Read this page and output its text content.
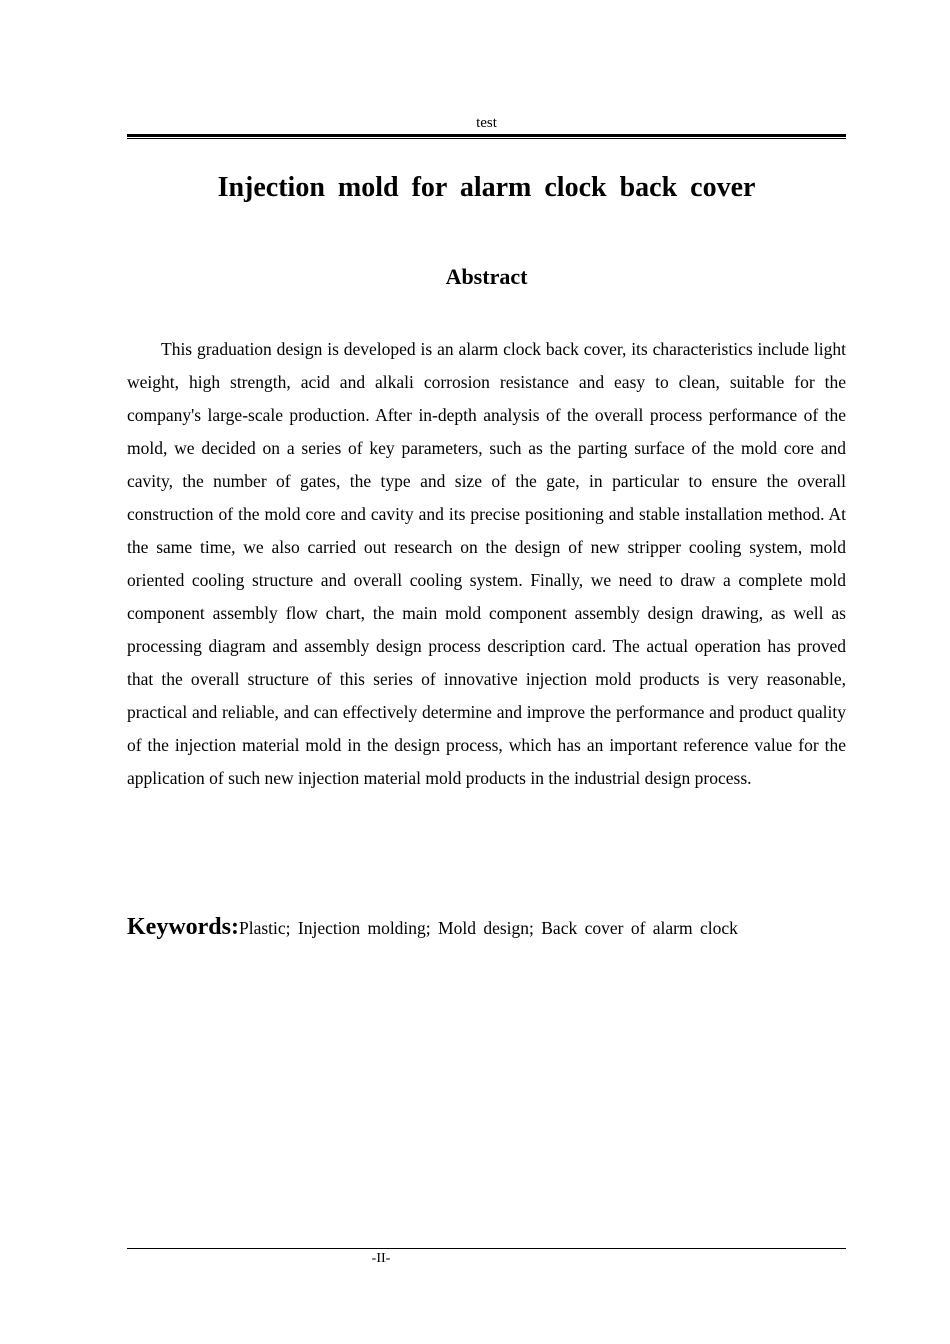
test
Injection mold for alarm clock back cover
Abstract

This graduation design is developed is an alarm clock back cover, its characteristics include light weight, high strength, acid and alkali corrosion resistance and easy to clean, suitable for the company's large-scale production. After in-depth analysis of the overall process performance of the mold, we decided on a series of key parameters, such as the parting surface of the mold core and cavity, the number of gates, the type and size of the gate, in particular to ensure the overall construction of the mold core and cavity and its precise positioning and stable installation method. At the same time, we also carried out research on the design of new stripper cooling system, mold oriented cooling structure and overall cooling system. Finally, we need to draw a complete mold component assembly flow chart, the main mold component assembly design drawing, as well as processing diagram and assembly design process description card. The actual operation has proved that the overall structure of this series of innovative injection mold products is very reasonable, practical and reliable, and can effectively determine and improve the performance and product quality of the injection material mold in the design process, which has an important reference value for the application of such new injection material mold products in the industrial design process.

Keywords:Plastic; Injection molding; Mold design; Back cover of alarm clock
-II-
